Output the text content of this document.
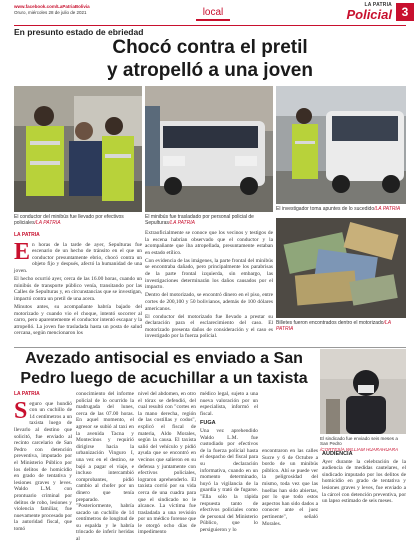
www.facebook.com/LaPatriaBolivia
Oruro, miércoles 28 de julio de 2021	local
LA PATRIA
Policial 3
En presunto estado de ebriedad
Chocó contra el pretil
y atropelló a una joven
El conductor del minibús fue llevado por efectivos policiales/LA PATRIA
El minibús fue trasladado por personal policial de Sepulturas/LA PATRIA
El investigador toma apuntes de lo sucedido/LA PATRIA
Billetes fueron encontrados dentro el motorizado/LA PATRIA
LA PATRIA
E n horas de la tarde de ayer, Sepulturas fue escenario de un hecho de tránsito en el que un conductor presuntamente ebrio, chocó contra un objeto fijo y después, afectó la humanidad de una joven.

El hecho ocurrió ayer, cerca de las 16.00 horas, cuando un minibús de transporte público venía, transitando por las Calles de Sepulturas y, en circunstancias que se investigan, impactó contra un pretil de una acera.

Minutos antes, su acompañante habría bajado del motorizado y cuando vio el choque, intentó socorrer al carro, pero aparentemente el conductor intentó escapar y la atropelló. La joven fue trasladada hasta un posta de salud cercana, según mencionaron los

Extraoficialmente se conoce que los vecinos y testigos de la escena habrían observado que el conductor y la acompañante que iba atropellada, presuntamente estaban en estado etílico.

Con evidencia de las imágenes, la parte frontal del minibús se encontraba dañado, pero principalmente los parabrisas de la parte frontal izquierda, sin embargo, las investigaciones determinarán los daños causados por el impacto.

Dentro del motorizado, se encontró dinero en el piso, entre cortes de 200,100 y 50 bolivianos, además de 100 dólares americanos.

El conductor del motorizado fue llevado a prestar su declaración para el esclarecimiento del caso. El motorizado presenta daños de consideración y el caso es investigado por la fuerza policial.

Avezado antisocial es enviado a San
Pedro luego de acuchillar a un taxista
El sindicado fue enviado seis meses a San Pedro
/CORTESÍA WILLIAM HUARAHUARA
LA PATRIA
S eguro que hundió con un cuchillo de 14 centímetros a un taxista luego de llevarlo al destino que solicitó, fue enviado al recinto carcelario de San Pedro con detención preventiva, imputado por el Ministerio Público por los delitos de homicidio en grado de tentativa y lesiones graves y leves. Waldo L.M. con prontuario criminal por delitos de robo, lesiones y violencia familiar, fue nuevamente procesado por la autoridad fiscal, que tomó

conocimiento del informe policial de lo ocurrido la madrugada del lunes, cerca de las 07.00 horas. En aquel momento, el agresor se subió al taxi en la avenida Tacna y Montecinos y requirió dirigirse hacia la urbanización Vinguro I, una vez en el destino, se bajó a pagar el viaje, e incluso intercambió comprobantes, pidió cambio al chofer por un dinero que tenía preparado. "Posteriormente, habría sacado un cuchillo de 14 centímetros de longitud de su espalda y le habría trincado de inferir heridas al

nivel del abdomen, en otro el tórax se defendió, del cual resultó con "cortes en la mano derecha, región de las costillas y codos", explicó el fiscal de materia, Aldo Morales, según la causa. El taxista salió del vehículo y pidió ayuda que se encontró en vecinos que salieron en su defensa y juntamente con efectivos policiales, lograron aprehenderlo. El taxista corrió por su vida cerca de una cuadra para que el sindicado no le alcance. La víctima fue trasladada a una revisión por un médico forense que le otorgó ocho días de impedimento

médico legal, sujeto a una nueva valoración por un especialista, informó el fiscal.

FUGA

Una vez aprehendido Waldo L.M. fue custodiado por efectivos de la fuerza policial hasta el despacho del fiscal para su declaración informativa, cuando en un momento determinado, huyó la vigilancia de la guardia y trató de fugarse. "Ella sólo la rápida respuesta tanto de efectivos policiales como de personal del Ministerio Público, que lo persiguieron y lo

encontraron en las calles Sucre y 6 de Octubre a bordo de un minibús público. Ahí se puede ver la peligrosidad del mismo, toda vez que las huellas han sido abiertas, por lo que todo estos aspectos han sido dados a conocer ante el juez pertinente", señaló Morales.

AUDIENCIA

Ayer durante la celebración de la audiencia de medidas cautelares, el sindicado imputado por los delitos de homicidio en grado de tentativa y lesiones graves y leves, fue enviado a la cárcel con detención preventiva, por un lapso estimado de seis meses.
